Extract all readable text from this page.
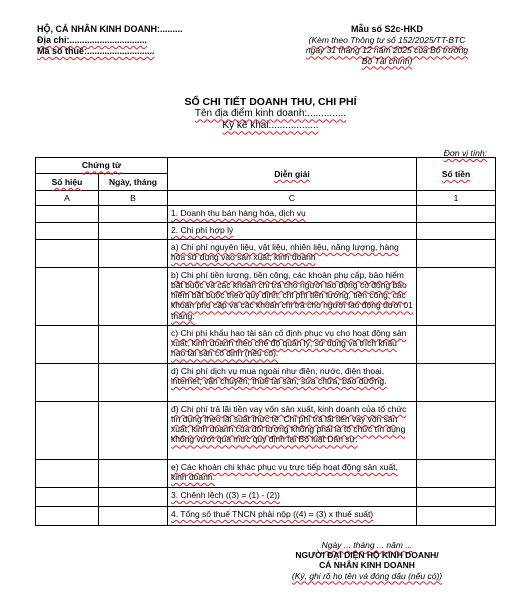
HỘ, CÁ NHÂN KINH DOANH:.........
Địa chỉ:...............................
Mã số thuế:...........................
Mẫu số S2c-HKD
(Kèm theo Thông tư số 152/2025/TT-BTC
ngày 31 tháng 12 năm 2025 của Bộ trưởng
Bộ Tài chính)
SỔ CHI TIẾT DOANH THU, CHI PHÍ
Tên địa điểm kinh doanh:..............
Kỳ kê khai:.................
Đơn vị tính:
Chứng từ		Diễn giải	Số tiền
Số hiệu	Ngày, tháng		
A	B	C	1
		1. Doanh thu bán hàng hóa, dịch vụ	
		2. Chi phí hợp lý	
		a) Chi phí nguyên liệu, vật liệu, nhiên liệu, năng lượng, hàng hóa sử dụng vào sản xuất, kinh doanh	
		b) Chi phí tiền lương, tiền công, các khoản phụ cấp, bảo hiểm bắt buộc và các khoản chi trả cho người lao động có đóng bảo hiểm bắt buộc theo quy định; chi phí tiền lương, tiền công, các khoản phụ cấp và các khoản chi trả cho người lao động dưới 01 tháng.	
		c) Chi phí khấu hao tài sản cố định phục vụ cho hoạt động sản xuất, kinh doanh theo chế độ quản lý, sử dụng và trích khấu hao tài sản cố định (nếu có).	
		d) Chi phí dịch vụ mua ngoài như điện, nước, điện thoại, internet, vận chuyển, thuê tài sản, sửa chữa, bảo dưỡng.	
		đ) Chi phí trả lãi tiền vay vốn sản xuất, kinh doanh của tổ chức tín dụng theo lãi suất thực tế. Chi phí trả lãi tiền vay vốn sản xuất, kinh doanh của đối tượng không phải là tổ chức tín dụng không vượt quá mức quy định tại Bộ luật Dân sự.	
		e) Các khoản chi khác phục vụ trực tiếp hoạt động sản xuất, kinh doanh.	
		3. Chênh lệch ((3) = (1) - (2))	
		4. Tổng số thuế TNCN phải nộp ((4) = (3) x thuế suất)	
Ngày ... tháng ... năm ...
NGƯỜI ĐẠI DIỆN HỘ KINH DOANH/
CÁ NHÂN KINH DOANH
(Ký, ghi rõ họ tên và đóng dấu (nếu có))
